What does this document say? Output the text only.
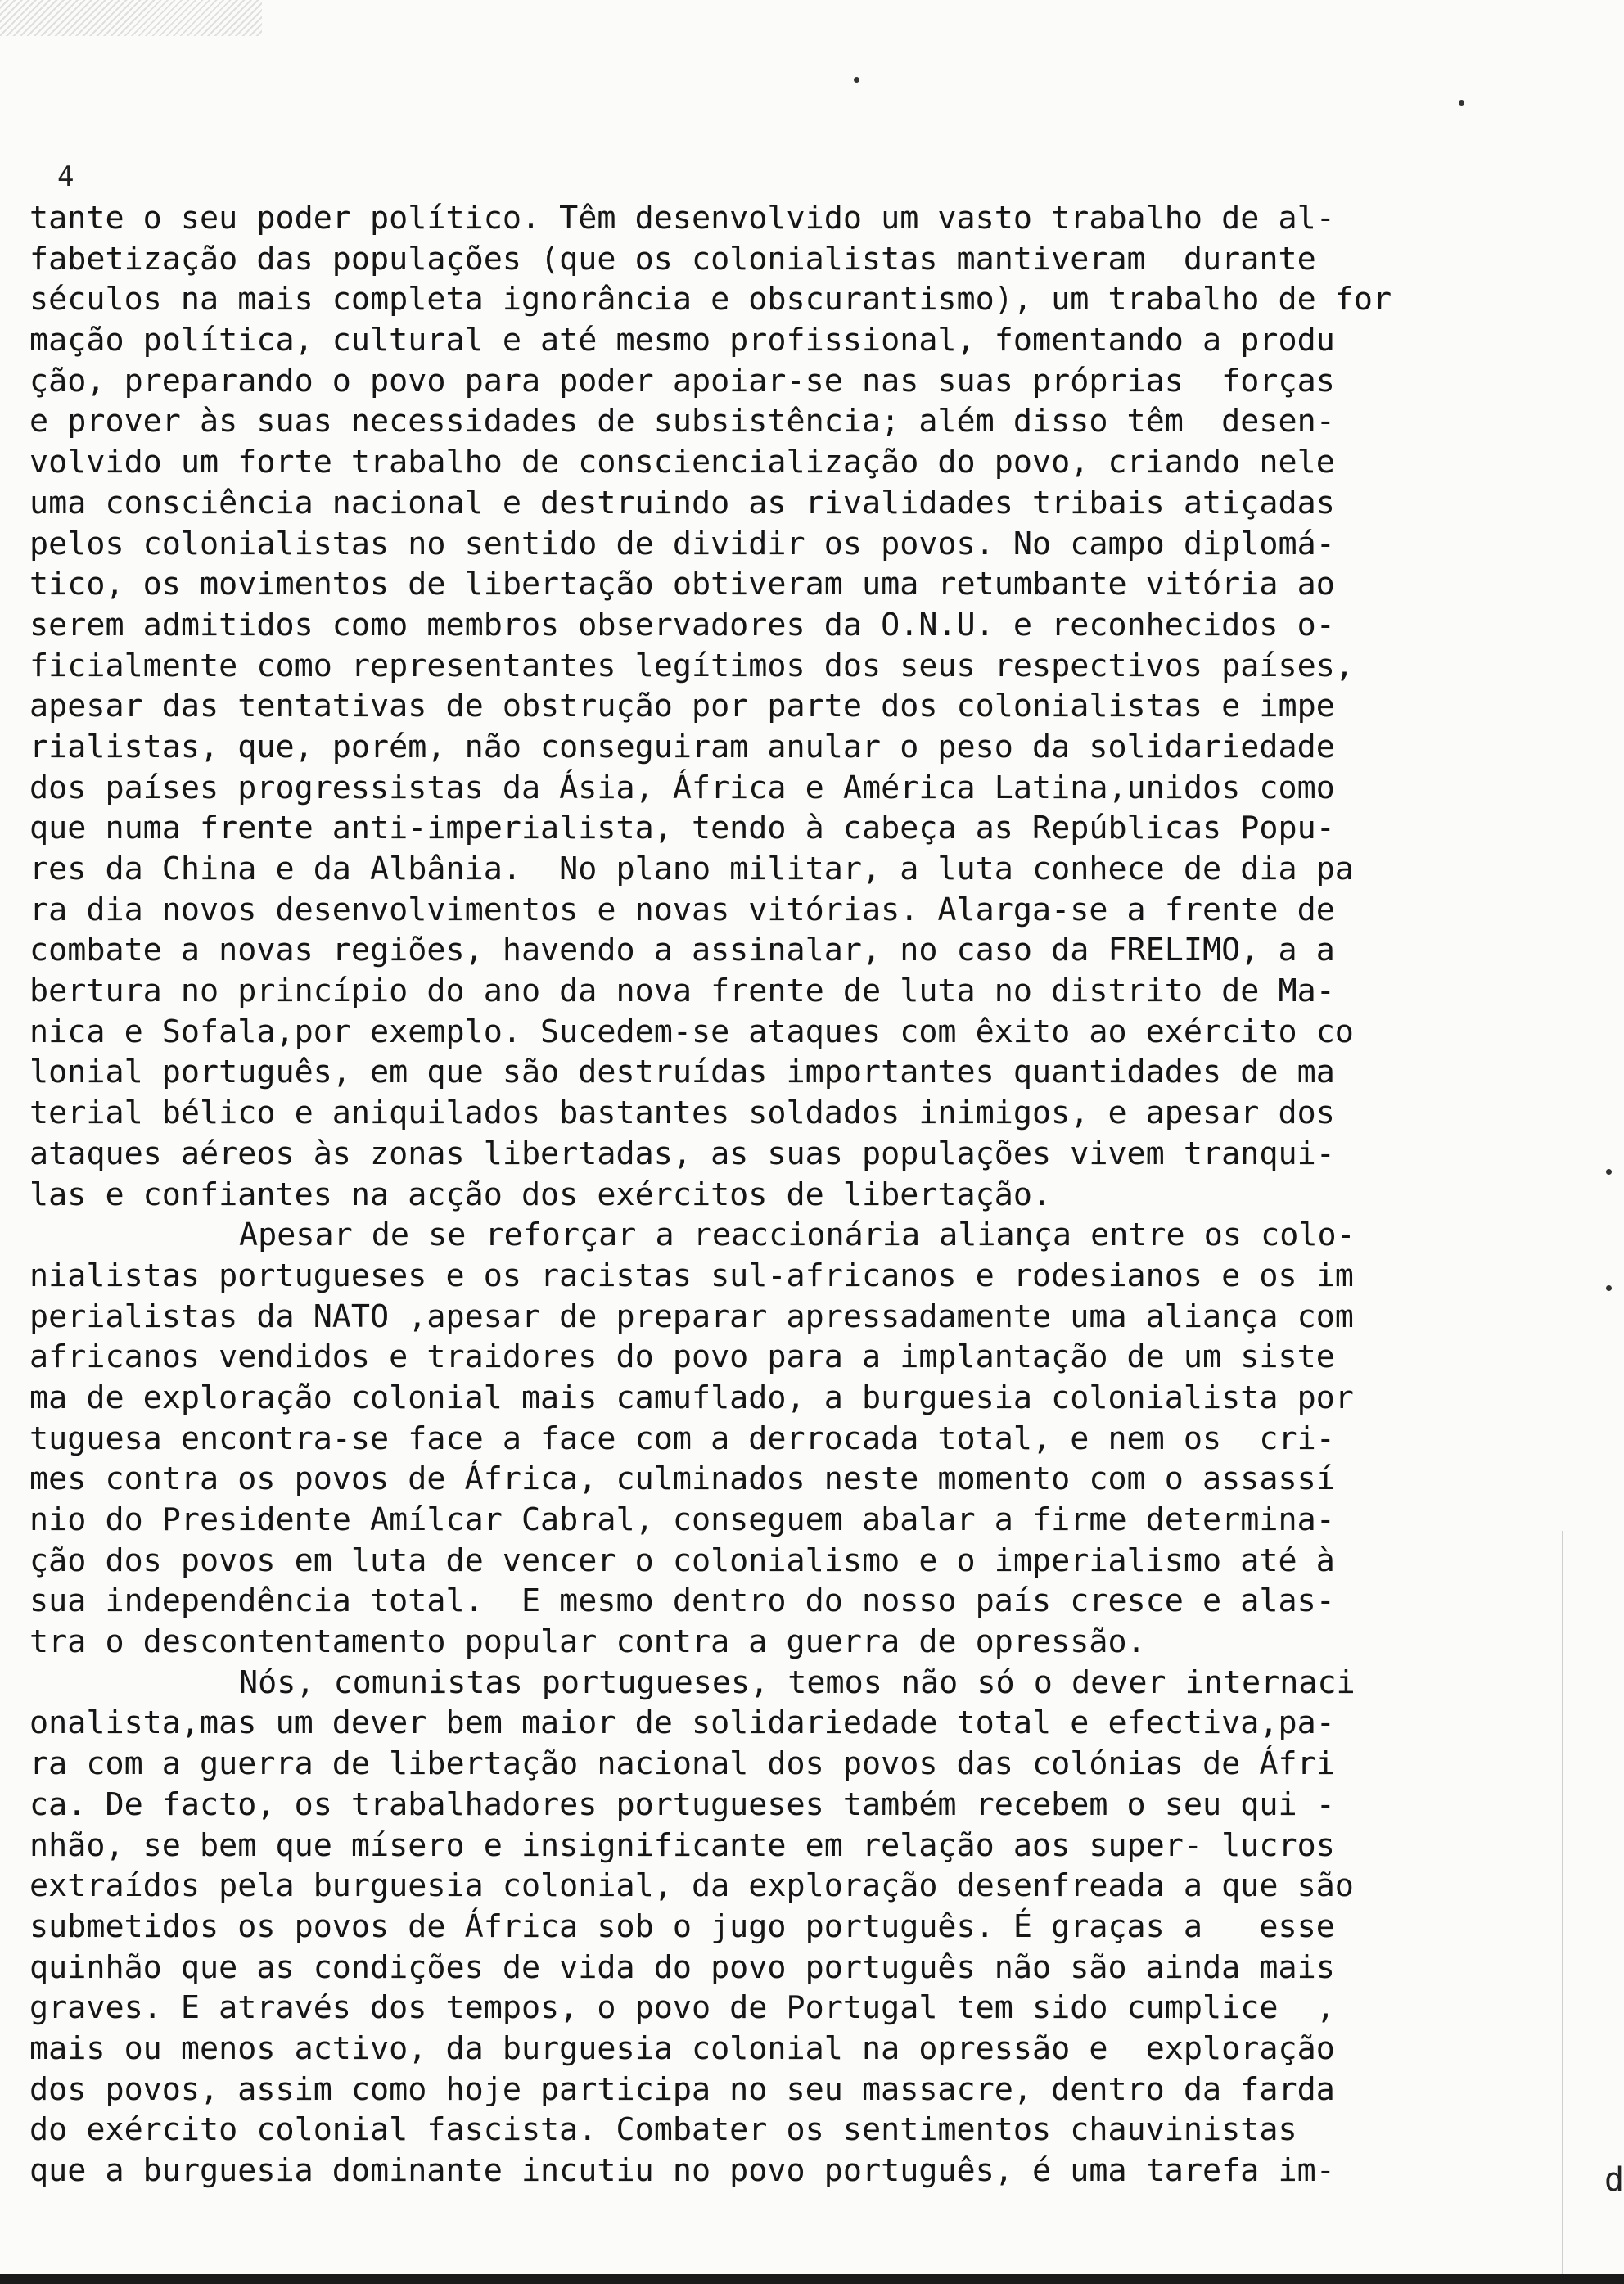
4
d
tante o seu poder político. Têm desenvolvido um vasto trabalho de al-
fabetização das populações (que os colonialistas mantiveram  durante
séculos na mais completa ignorância e obscurantismo), um trabalho de for
mação política, cultural e até mesmo profissional, fomentando a produ
ção, preparando o povo para poder apoiar-se nas suas próprias  forças
e prover às suas necessidades de subsistência; além disso têm  desen-
volvido um forte trabalho de consciencialização do povo, criando nele
uma consciência nacional e destruindo as rivalidades tribais atiçadas
pelos colonialistas no sentido de dividir os povos. No campo diplomá-
tico, os movimentos de libertação obtiveram uma retumbante vitória ao
serem admitidos como membros observadores da O.N.U. e reconhecidos o-
ficialmente como representantes legítimos dos seus respectivos países,
apesar das tentativas de obstrução por parte dos colonialistas e impe
rialistas, que, porém, não conseguiram anular o peso da solidariedade
dos países progressistas da Ásia, África e América Latina,unidos como
que numa frente anti-imperialista, tendo à cabeça as Repúblicas Popu-
res da China e da Albânia.  No plano militar, a luta conhece de dia pa
ra dia novos desenvolvimentos e novas vitórias. Alarga-se a frente de
combate a novas regiões, havendo a assinalar, no caso da FRELIMO, a a
bertura no princípio do ano da nova frente de luta no distrito de Ma-
nica e Sofala,por exemplo. Sucedem-se ataques com êxito ao exército co
lonial português, em que são destruídas importantes quantidades de ma
terial bélico e aniquilados bastantes soldados inimigos, e apesar dos
ataques aéreos às zonas libertadas, as suas populações vivem tranqui-
las e confiantes na acção dos exércitos de libertação.
Apesar de se reforçar a reaccionária aliança entre os colo-
nialistas portugueses e os racistas sul-africanos e rodesianos e os im
perialistas da NATO ,apesar de preparar apressadamente uma aliança com
africanos vendidos e traidores do povo para a implantação de um siste
ma de exploração colonial mais camuflado, a burguesia colonialista por
tuguesa encontra-se face a face com a derrocada total, e nem os  cri-
mes contra os povos de África, culminados neste momento com o assassí
nio do Presidente Amílcar Cabral, conseguem abalar a firme determina-
ção dos povos em luta de vencer o colonialismo e o imperialismo até à
sua independência total.  E mesmo dentro do nosso país cresce e alas-
tra o descontentamento popular contra a guerra de opressão.
Nós, comunistas portugueses, temos não só o dever internaci
onalista,mas um dever bem maior de solidariedade total e efectiva,pa-
ra com a guerra de libertação nacional dos povos das colónias de Áfri
ca. De facto, os trabalhadores portugueses também recebem o seu qui -
nhão, se bem que mísero e insignificante em relação aos super- lucros
extraídos pela burguesia colonial, da exploração desenfreada a que são
submetidos os povos de África sob o jugo português. É graças a   esse
quinhão que as condições de vida do povo português não são ainda mais
graves. E através dos tempos, o povo de Portugal tem sido cumplice  ,
mais ou menos activo, da burguesia colonial na opressão e  exploração
dos povos, assim como hoje participa no seu massacre, dentro da farda
do exército colonial fascista. Combater os sentimentos chauvinistas
que a burguesia dominante incutiu no povo português, é uma tarefa im-
